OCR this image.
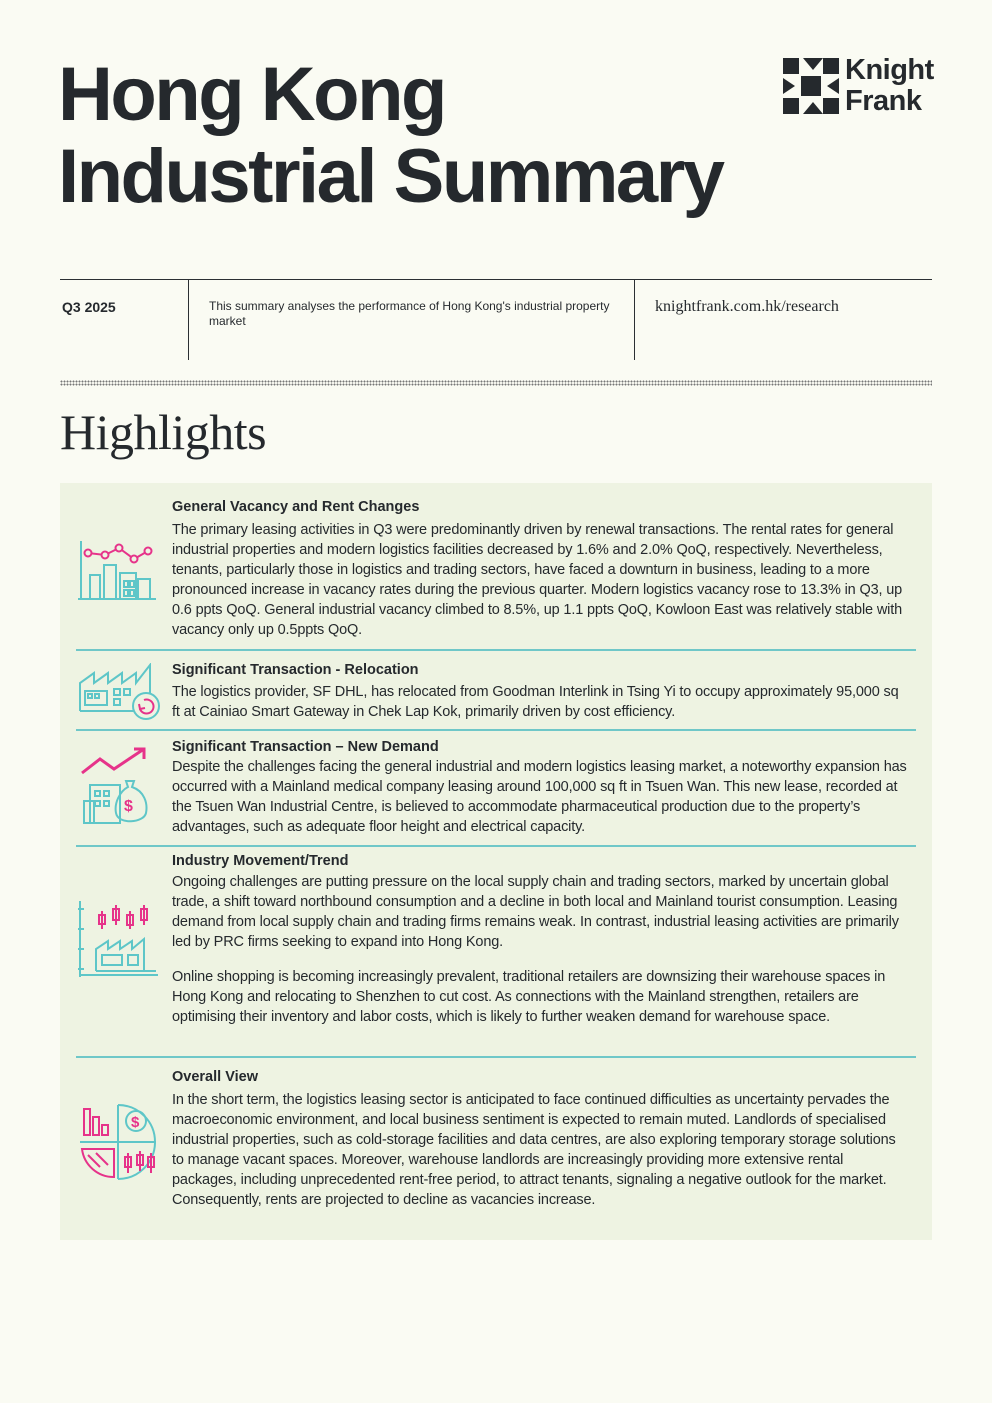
Hong Kong
Industrial Summary
Knight
Frank
Q3 2025	This summary analyses the performance of Hong Kong's industrial property market
knightfrank.com.hk/research
Highlights
General Vacancy and Rent Changes

The primary leasing activities in Q3 were predominantly driven by renewal transactions. The rental rates for general industrial properties and modern logistics facilities decreased by 1.6% and 2.0% QoQ, respectively. Nevertheless, tenants, particularly those in logistics and trading sectors, have faced a downturn in business, leading to a more pronounced increase in vacancy rates during the previous quarter. Modern logistics vacancy rose to 13.3% in Q3, up 0.6 ppts QoQ. General industrial vacancy climbed to 8.5%, up 1.1 ppts QoQ, Kowloon East was relatively stable with vacancy only up 0.5ppts QoQ.

Significant Transaction - Relocation

The logistics provider, SF DHL, has relocated from Goodman Interlink in Tsing Yi to occupy approximately 95,000 sq ft at Cainiao Smart Gateway in Chek Lap Kok, primarily driven by cost efficiency.

$
Significant Transaction – New Demand

Despite the challenges facing the general industrial and modern logistics leasing market, a noteworthy expansion has occurred with a Mainland medical company leasing around 100,000 sq ft in Tsuen Wan. This new lease, recorded at the Tsuen Wan Industrial Centre, is believed to accommodate pharmaceutical production due to the property’s advantages, such as adequate floor height and electrical capacity.

Industry Movement/Trend

Ongoing challenges are putting pressure on the local supply chain and trading sectors, marked by uncertain global trade, a shift toward northbound consumption and a decline in both local and Mainland tourist consumption. Leasing demand from local supply chain and trading firms remains weak. In contrast, industrial leasing activities are primarily led by PRC firms seeking to expand into Hong Kong.

Online shopping is becoming increasingly prevalent, traditional retailers are downsizing their warehouse spaces in Hong Kong and relocating to Shenzhen to cut cost. As connections with the Mainland strengthen, retailers are optimising their inventory and labor costs, which is likely to further weaken demand for warehouse space.

$
Overall View

In the short term, the logistics leasing sector is anticipated to face continued difficulties as uncertainty pervades the macroeconomic environment, and local business sentiment is expected to remain muted. Landlords of specialised industrial properties, such as cold-storage facilities and data centres, are also exploring temporary storage solutions to manage vacant spaces. Moreover, warehouse landlords are increasingly providing more extensive rental packages, including unprecedented rent-free period, to attract tenants, signaling a negative outlook for the market. Consequently, rents are projected to decline as vacancies increase.
